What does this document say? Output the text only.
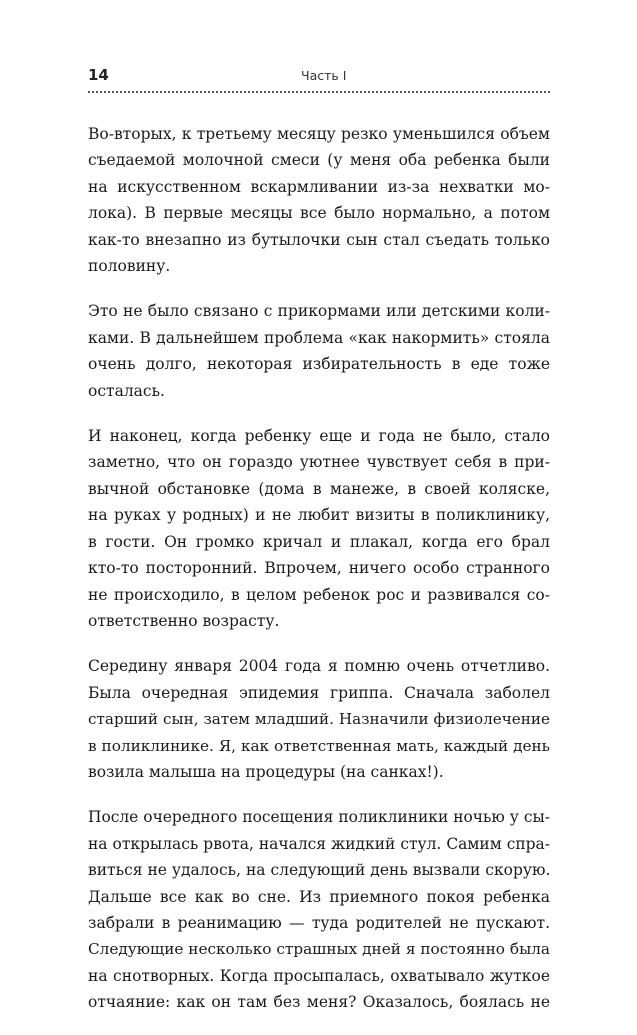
14	Часть I

Во-вторых, к третьему месяцу резко уменьшился объем
съедаемой молочной смеси (у меня оба ребенка были
на искусственном вскармливании из-за нехватки мо-
лока). В первые месяцы все было нормально, а потом
как-то внезапно из бутылочки сын стал съедать только
половину.

Это не было связано с прикормами или детскими коли-
ками. В дальнейшем проблема «как накормить» стояла
очень долго, некоторая избирательность в еде тоже
осталась.

И наконец, когда ребенку еще и года не было, стало
заметно, что он гораздо уютнее чувствует себя в при-
вычной обстановке (дома в манеже, в своей коляске,
на руках у родных) и не любит визиты в поликлинику,
в гости. Он громко кричал и плакал, когда его брал
кто-то посторонний. Впрочем, ничего особо странного
не происходило, в целом ребенок рос и развивался со-
ответственно возрасту.

Середину января 2004 года я помню очень отчетливо.
Была очередная эпидемия гриппа. Сначала заболел
старший сын, затем младший. Назначили физиолечение
в поликлинике. Я, как ответственная мать, каждый день
возила малыша на процедуры (на санках!).

После очередного посещения поликлиники ночью у сы-
на открылась рвота, начался жидкий стул. Самим спра-
виться не удалось, на следующий день вызвали скорую.
Дальше все как во сне. Из приемного покоя ребенка
забрали в реанимацию — туда родителей не пускают.
Следующие несколько страшных дней я постоянно была
на снотворных. Когда просыпалась, охватывало жуткое
отчаяние: как он там без меня? Оказалось, боялась не
